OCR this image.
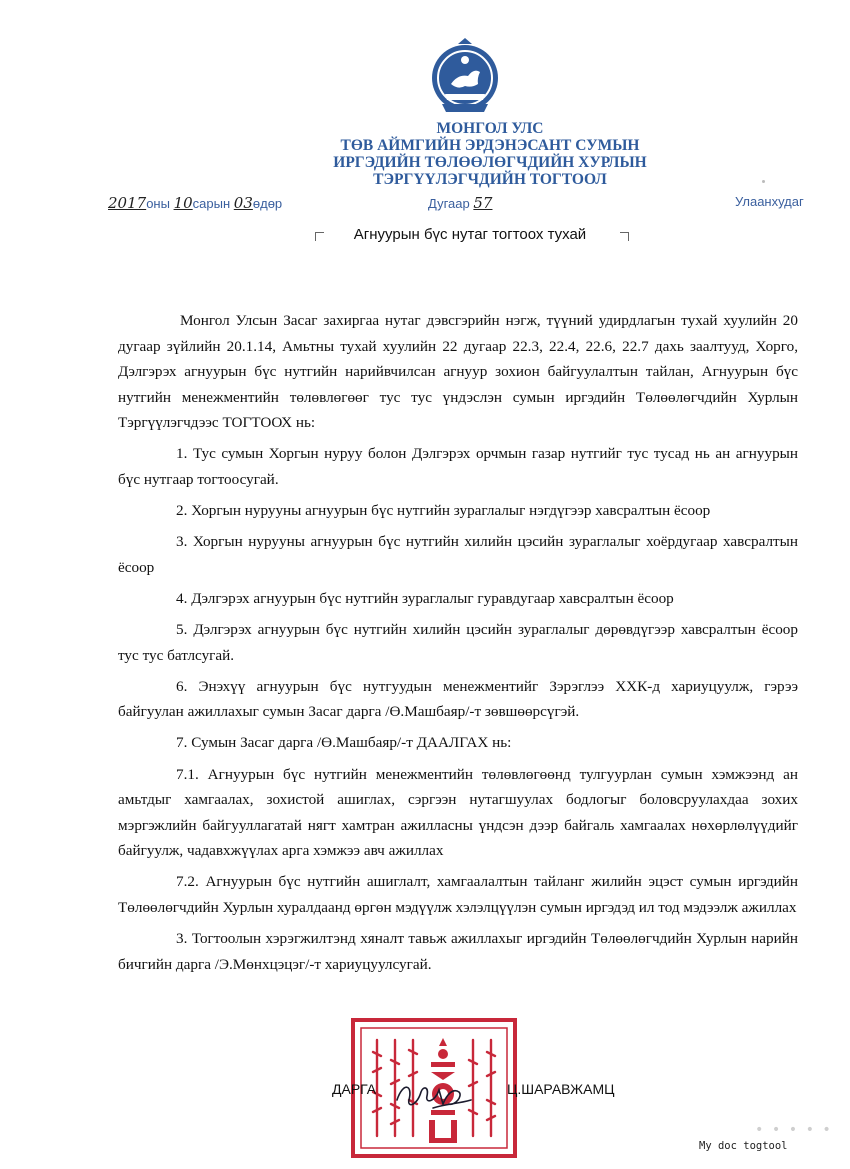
МОНГОЛ УЛС
ТӨВ АЙМГИЙН ЭРДЭНЭСАНТ СУМЫН
ИРГЭДИЙН ТӨЛӨӨЛӨГЧДИЙН ХУРЛЫН
ТЭРГҮҮЛЭГЧДИЙН ТОГТООЛ
2017оны 10сарын 03өдөр	Дугаар 57	Улаанхудаг
Агнуурын бүс нутаг тогтоох тухай

Монгол Улсын Засаг захиргаа нутаг дэвсгэрийн нэгж, түүний удирдлагын тухай хуулийн 20 дугаар зүйлийн 20.1.14, Амьтны тухай хуулийн 22 дугаар 22.3, 22.4, 22.6, 22.7 дахь заалтууд, Хорго, Дэлгэрэх агнуурын бүс нутгийн нарийвчилсан агнуур зохион байгуулалтын тайлан, Агнуурын бүс нутгийн менежментийн төлөвлөгөөг тус тус үндэслэн сумын иргэдийн Төлөөлөгчдийн Хурлын Тэргүүлэгчдээс ТОГТООХ нь:

1. Тус сумын Хоргын нуруу болон Дэлгэрэх орчмын газар нутгийг тус тусад нь ан агнуурын бүс нутгаар тогтоосугай.

2. Хоргын нурууны агнуурын бүс нутгийн зураглалыг нэгдүгээр хавсралтын ёсоор

3. Хоргын нурууны агнуурын бүс нутгийн хилийн цэсийн зураглалыг хоёрдугаар хавсралтын ёсоор

4. Дэлгэрэх агнуурын бүс нутгийн зураглалыг гуравдугаар хавсралтын ёсоор

5. Дэлгэрэх агнуурын бүс нутгийн хилийн цэсийн зураглалыг дөрөвдүгээр хавсралтын ёсоор тус тус батлсугай.

6. Энэхүү агнуурын бүс нутгуудын менежментийг Зэрэглээ ХХК-д хариуцуулж, гэрээ байгуулан ажиллахыг сумын Засаг дарга /Ө.Машбаяр/-т зөвшөөрсүгэй.

7. Сумын Засаг дарга /Ө.Машбаяр/-т ДААЛГАХ нь:

7.1. Агнуурын бүс нутгийн менежментийн төлөвлөгөөнд тулгуурлан сумын хэмжээнд ан амьтдыг хамгаалах, зохистой ашиглах, сэргээн нутагшуулах бодлогыг боловсруулахдаа зохих мэргэжлийн байгууллагатай нягт хамтран ажилласны үндсэн дээр байгаль хамгаалах нөхөрлөлүүдийг байгуулж, чадавхжүүлах арга хэмжээ авч ажиллах

7.2. Агнуурын бүс нутгийн ашиглалт, хамгаалалтын тайланг жилийн эцэст сумын иргэдийн Төлөөлөгчдийн Хурлын хуралдаанд өргөн мэдүүлж хэлэлцүүлэн сумын иргэдэд ил тод мэдээлж ажиллах

3. Тогтоолын хэрэгжилтэнд хяналт тавьж ажиллахыг иргэдийн Төлөөлөгчдийн Хурлын нарийн бичгийн дарга /Э.Мөнхцэцэг/-т хариуцуулсугай.

ДАРГА	Ц.ШАРАВЖАМЦ
• • • • •
My doc togtool
